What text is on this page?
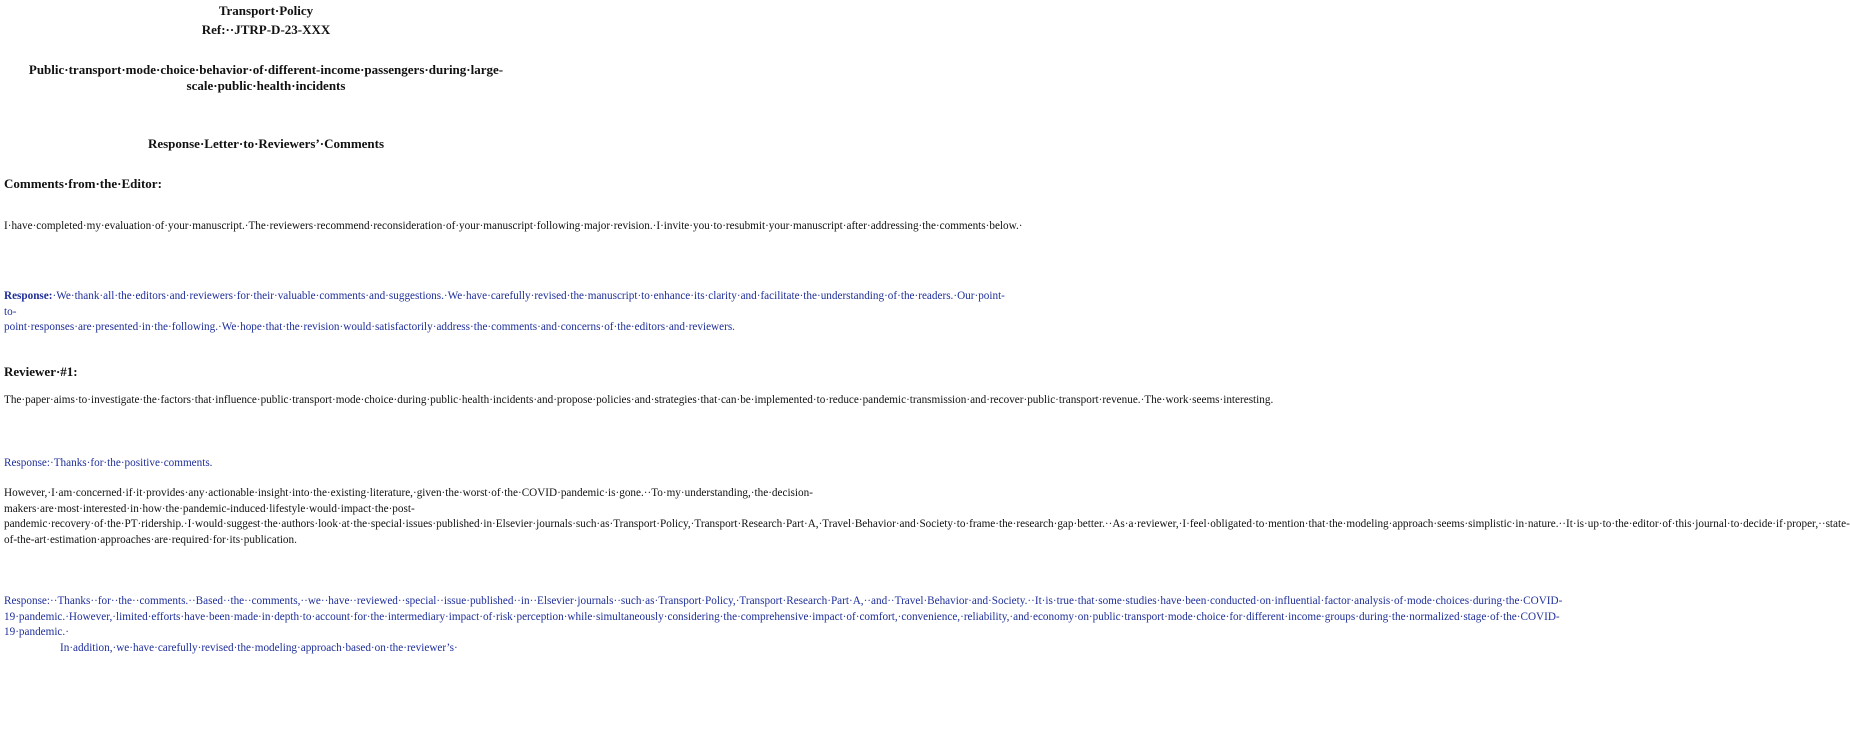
Transport·Policy
Ref:··JTRP-D-23-XXX
Public·transport·mode·choice·behavior·of·different-income·passengers·during·large-scale·public·health·incidents
Response·Letter·to·Reviewers’·Comments
Comments·from·the·Editor:

I·have·completed·my·evaluation·of·your·manuscript.·The·reviewers·recommend·reconsideration·of·your·manuscript·following·major·revision.·I·invite·you·to·resubmit·your·manuscript·after·addressing·the·comments·below.·

Response:·We·thank·all·the·editors·and·reviewers·for·their·valuable·comments·and·suggestions.·We·have·carefully·revised·the·manuscript·to·enhance·its·clarity·and·facilitate·the·understanding·of·the·readers.·Our·point-to-point·responses·are·presented·in·the·following.·We·hope·that·the·revision·would·satisfactorily·address·the·comments·and·concerns·of·the·editors·and·reviewers.

Reviewer·#1:

The·paper·aims·to·investigate·the·factors·that·influence·public·transport·mode·choice·during·public·health·incidents·and·propose·policies·and·strategies·that·can·be·implemented·to·reduce·pandemic·transmission·and·recover·public·transport·revenue.·The·work·seems·interesting.

Response:·Thanks·for·the·positive·comments.

However,·I·am·concerned·if·it·provides·any·actionable·insight·into·the·existing·literature,·given·the·worst·of·the·COVID·pandemic·is·gone.··To·my·understanding,·the·decision-makers·are·most·interested·in·how·the·pandemic-induced·lifestyle·would·impact·the·post-pandemic·recovery·of·the·PT·ridership.·I·would·suggest·the·authors·look·at·the·special·issues·published·in·Elsevier·journals·such·as·Transport·Policy,·Transport·Research·Part·A,·Travel·Behavior·and·Society·to·frame·the·research·gap·better.··As·a·reviewer,·I·feel·obligated·to·mention·that·the·modeling·approach·seems·simplistic·in·nature.··It·is·up·to·the·editor·of·this·journal·to·decide·if·proper,··state-of-the-art·estimation·approaches·are·required·for·its·publication.

Response:··Thanks··for··the··comments.··Based··the··comments,··we··have··reviewed··special··issue·published··in··Elsevier·journals··such·as·Transport·Policy,·Transport·Research·Part·A,··and··Travel·Behavior·and·Society.··It·is·true·that·some·studies·have·been·conducted·on·influential·factor·analysis·of·mode·choices·during·the·COVID-19·pandemic.·However,·limited·efforts·have·been·made·in·depth·to·account·for·the·intermediary·impact·of·risk·perception·while·simultaneously·considering·the·comprehensive·impact·of·comfort,·convenience,·reliability,·and·economy·on·public·transport·mode·choice·for·different·income·groups·during·the·normalized·stage·of·the·COVID-19·pandemic.·
In·addition,·we·have·carefully·revised·the·modeling·approach·based·on·the·reviewer’s·
